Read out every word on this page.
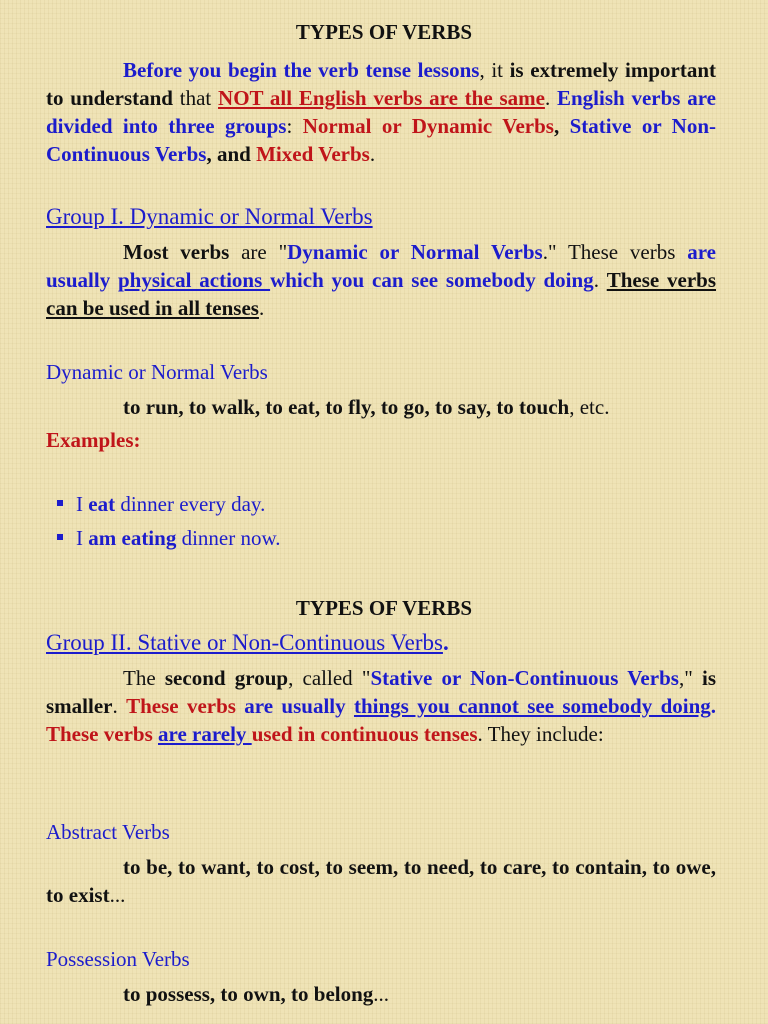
TYPES OF VERBS

Before you begin the verb tense lessons, it is extremely important to understand that NOT all English verbs are the same. English verbs are divided into three groups: Normal or Dynamic Verbs, Stative or Non-Continuous Verbs, and Mixed Verbs.

Group I. Dynamic or Normal Verbs

Most verbs are "Dynamic or Normal Verbs." These verbs are usually physical actions which you can see somebody doing. These verbs can be used in all tenses.

Dynamic or Normal Verbs
to run, to walk, to eat, to fly, to go, to say, to touch, etc.
Examples:
I eat dinner every day.
I am eating dinner now.
TYPES OF VERBS
Group II. Stative or Non-Continuous Verbs.

The second group, called "Stative or Non-Continuous Verbs," is smaller. These verbs are usually things you cannot see somebody doing. These verbs are rarely used in continuous tenses. They include:

Abstract Verbs

to be, to want, to cost, to seem, to need, to care, to contain, to owe, to exist...

Possession Verbs
to possess, to own, to belong...
